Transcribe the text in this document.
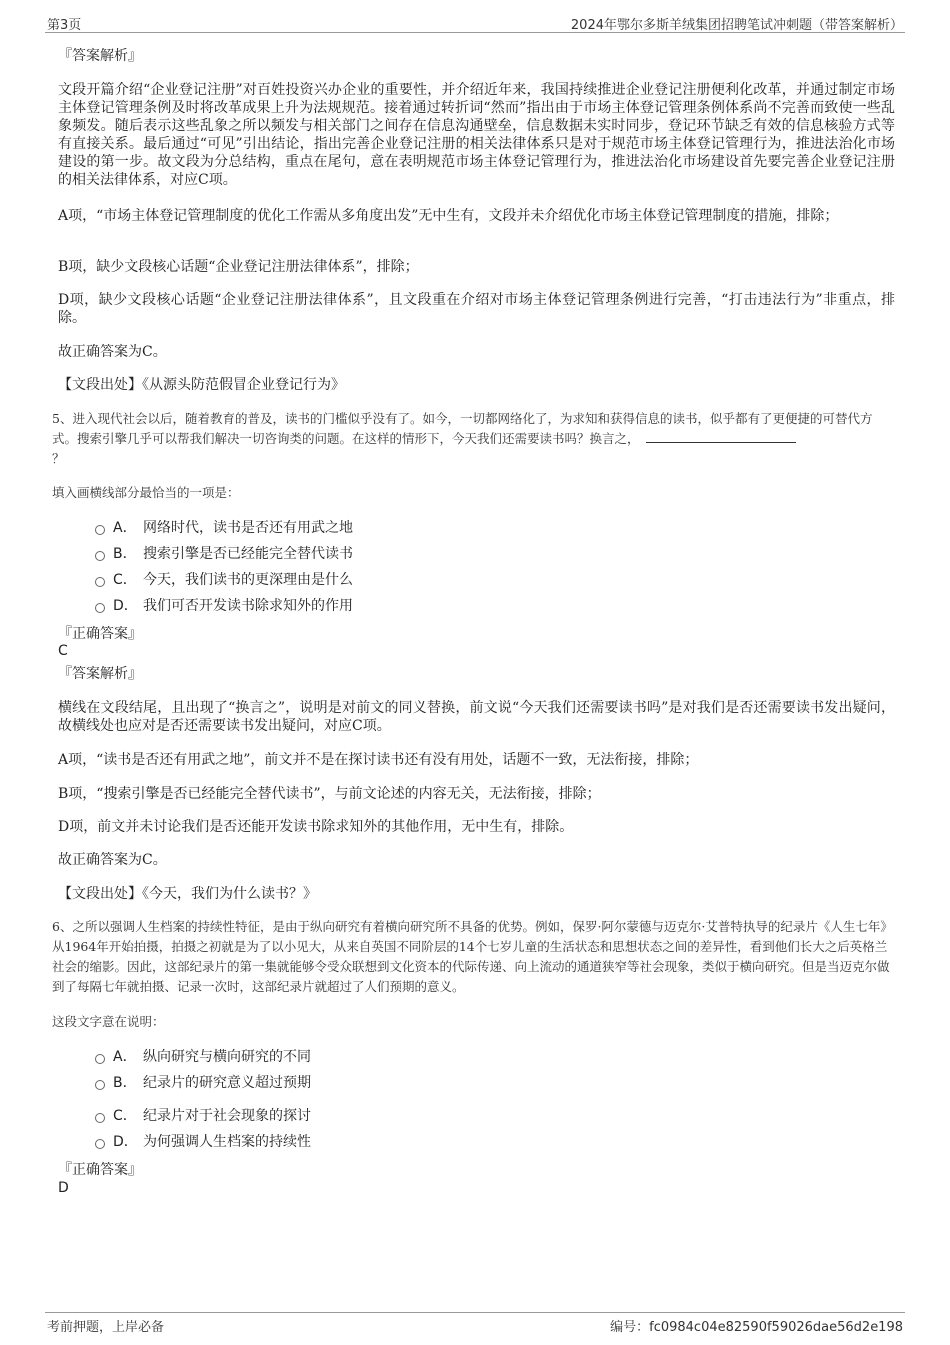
第3页	2024年鄂尔多斯羊绒集团招聘笔试冲刺题（带答案解析）
『答案解析』

文段开篇介绍“企业登记注册”对百姓投资兴办企业的重要性，并介绍近年来，我国持续推进企业登记注册便利化改革，并通过制定市场主体登记管理条例及时将改革成果上升为法规规范。接着通过转折词“然而”指出由于市场主体登记管理条例体系尚不完善而致使一些乱象频发。随后表示这些乱象之所以频发与相关部门之间存在信息沟通壁垒，信息数据未实时同步，登记环节缺乏有效的信息核验方式等有直接关系。最后通过“可见”引出结论，指出完善企业登记注册的相关法律体系只是对于规范市场主体登记管理行为，推进法治化市场建设的第一步。故文段为分总结构，重点在尾句，意在表明规范市场主体登记管理行为，推进法治化市场建设首先要完善企业登记注册的相关法律体系，对应C项。

A项，“市场主体登记管理制度的优化工作需从多角度出发”无中生有，文段并未介绍优化市场主体登记管理制度的措施，排除；

B项，缺少文段核心话题“企业登记注册法律体系”，排除；

D项，缺少文段核心话题“企业登记注册法律体系”，且文段重在介绍对市场主体登记管理条例进行完善，“打击违法行为”非重点，排除。

故正确答案为C。

【文段出处】《从源头防范假冒企业登记行为》

5、进入现代社会以后，随着教育的普及，读书的门槛似乎没有了。如今，一切都网络化了，为求知和获得信息的读书，似乎都有了更便捷的可替代方式。搜索引擎几乎可以帮我们解决一切咨询类的问题。在这样的情形下，今天我们还需要读书吗？换言之，
？
填入画横线部分最恰当的一项是：
A． 网络时代，读书是否还有用武之地
B． 搜索引擎是否已经能完全替代读书
C． 今天，我们读书的更深理由是什么
D． 我们可否开发读书除求知外的作用
『正确答案』
C
『答案解析』

横线在文段结尾，且出现了“换言之”，说明是对前文的同义替换，前文说“今天我们还需要读书吗”是对我们是否还需要读书发出疑问，故横线处也应对是否还需要读书发出疑问，对应C项。

A项，“读书是否还有用武之地”，前文并不是在探讨读书还有没有用处，话题不一致，无法衔接，排除；

B项，“搜索引擎是否已经能完全替代读书”，与前文论述的内容无关，无法衔接，排除；

D项，前文并未讨论我们是否还能开发读书除求知外的其他作用，无中生有，排除。

故正确答案为C。

【文段出处】《今天，我们为什么读书？》

6、之所以强调人生档案的持续性特征，是由于纵向研究有着横向研究所不具备的优势。例如，保罗·阿尔蒙德与迈克尔·艾普特执导的纪录片《人生七年》从1964年开始拍摄，拍摄之初就是为了以小见大，从来自英国不同阶层的14个七岁儿童的生活状态和思想状态之间的差异性，看到他们长大之后英格兰社会的缩影。因此，这部纪录片的第一集就能够令受众联想到文化资本的代际传递、向上流动的通道狭窄等社会现象，类似于横向研究。但是当迈克尔做到了每隔七年就拍摄、记录一次时，这部纪录片就超过了人们预期的意义。
这段文字意在说明：
A． 纵向研究与横向研究的不同
B． 纪录片的研究意义超过预期
C． 纪录片对于社会现象的探讨
D． 为何强调人生档案的持续性
『正确答案』
D
考前押题，上岸必备	编号：fc0984c04e82590f59026dae56d2e198
